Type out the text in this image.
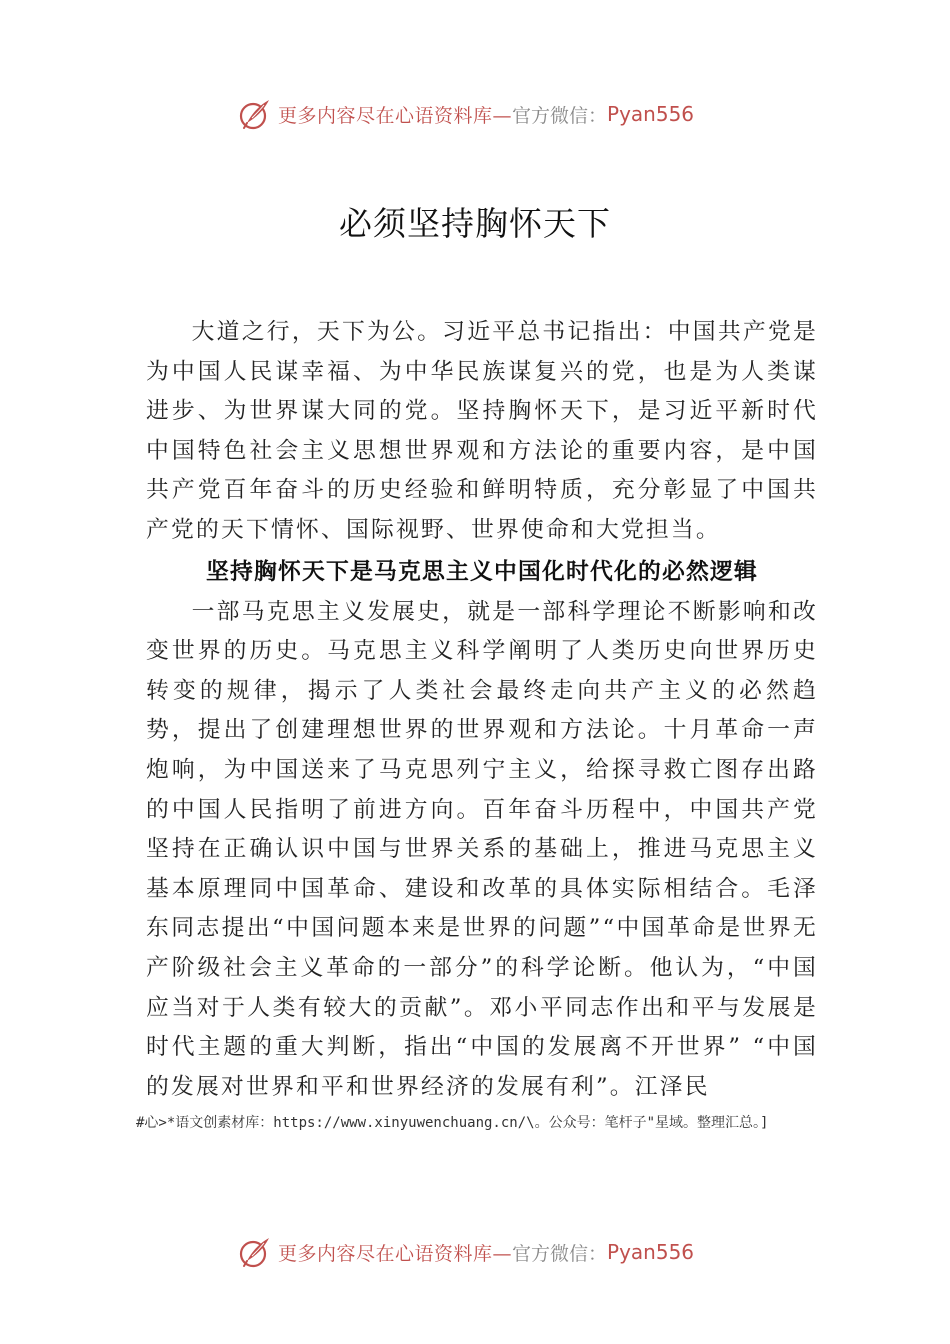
更多内容尽在心语资料库— 官方微信： Pyan556
必须坚持胸怀天下

大道之行，天下为公。习近平总书记指出：中国共产党是为中国人民谋幸福、为中华民族谋复兴的党，也是为人类谋进步、为世界谋大同的党。坚持胸怀天下，是习近平新时代中国特色社会主义思想世界观和方法论的重要内容，是中国共产党百年奋斗的历史经验和鲜明特质，充分彰显了中国共产党的天下情怀、国际视野、世界使命和大党担当。

坚持胸怀天下是马克思主义中国化时代化的必然逻辑

一部马克思主义发展史，就是一部科学理论不断影响和改变世界的历史。马克思主义科学阐明了人类历史向世界历史转变的规律，揭示了人类社会最终走向共产主义的必然趋势，提出了创建理想世界的世界观和方法论。十月革命一声炮响，为中国送来了马克思列宁主义，给探寻救亡图存出路的中国人民指明了前进方向。百年奋斗历程中，中国共产党坚持在正确认识中国与世界关系的基础上，推进马克思主义基本原理同中国革命、建设和改革的具体实际相结合。毛泽东同志提出“中国问题本来是世界的问题”“中国革命是世界无产阶级社会主义革命的一部分”的科学论断。他认为，“中国应当对于人类有较大的贡献”。邓小平同志作出和平与发展是时代主题的重大判断，指出“中国的发展离不开世界” “中国的发展对世界和平和世界经济的发展有利”。江泽民

#心>*语文创素材库：https://www.xinyuwenchuang.cn/\。公众号：笔杆子"星域。整理汇总。]
更多内容尽在心语资料库— 官方微信： Pyan556
